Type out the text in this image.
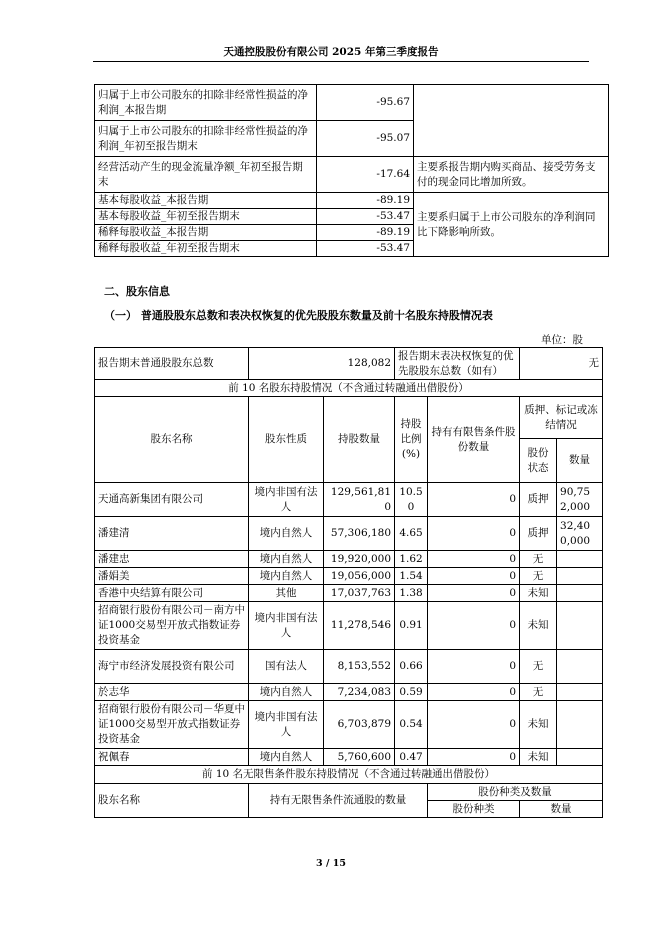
天通控股股份有限公司 2025 年第三季度报告
归属于上市公司股东的扣除非经常性损益的净利润_本报告期	-95.67	
归属于上市公司股东的扣除非经常性损益的净利润_年初至报告期末	-95.07	
经营活动产生的现金流量净额_年初至报告期末	-17.64	主要系报告期内购买商品、接受劳务支付的现金同比增加所致。
基本每股收益_本报告期	-89.19	主要系归属于上市公司股东的净利润同比下降影响所致。
基本每股收益_年初至报告期末	-53.47	
稀释每股收益_本报告期	-89.19	
稀释每股收益_年初至报告期末	-53.47	
二、股东信息
（一） 普通股股东总数和表决权恢复的优先股股东数量及前十名股东持股情况表
单位：股
报告期末普通股股东总数	128,082		报告期末表决权恢复的优先股股东总数（如有）		无	
前 10 名股东持股情况（不含通过转融通出借股份）						
股东名称	股东性质	持股数量	持股比例(%)	持有有限售条件股份数量	质押、标记或冻结情况	
					股份状态	数量
天通高新集团有限公司	境内非国有法人	129,561,810	10.50	0	质押	90,752,000
潘建清	境内自然人	57,306,180	4.65	0	质押	32,400,000
潘建忠	境内自然人	19,920,000	1.62	0	无	
潘娟美	境内自然人	19,056,000	1.54	0	无	
香港中央结算有限公司	其他	17,037,763	1.38	0	未知	
招商银行股份有限公司－南方中证1000交易型开放式指数证券投资基金	境内非国有法人	11,278,546	0.91	0	未知	
海宁市经济发展投资有限公司	国有法人	8,153,552	0.66	0	无	
於志华	境内自然人	7,234,083	0.59	0	无	
招商银行股份有限公司－华夏中证1000交易型开放式指数证券投资基金	境内非国有法人	6,703,879	0.54	0	未知	
祝佩春	境内自然人	5,760,600	0.47	0	未知	
前 10 名无限售条件股东持股情况（不含通过转融通出借股份）						
股东名称	持有无限售条件流通股的数量			股份种类及数量		
				股份种类	数量	
3 / 15
